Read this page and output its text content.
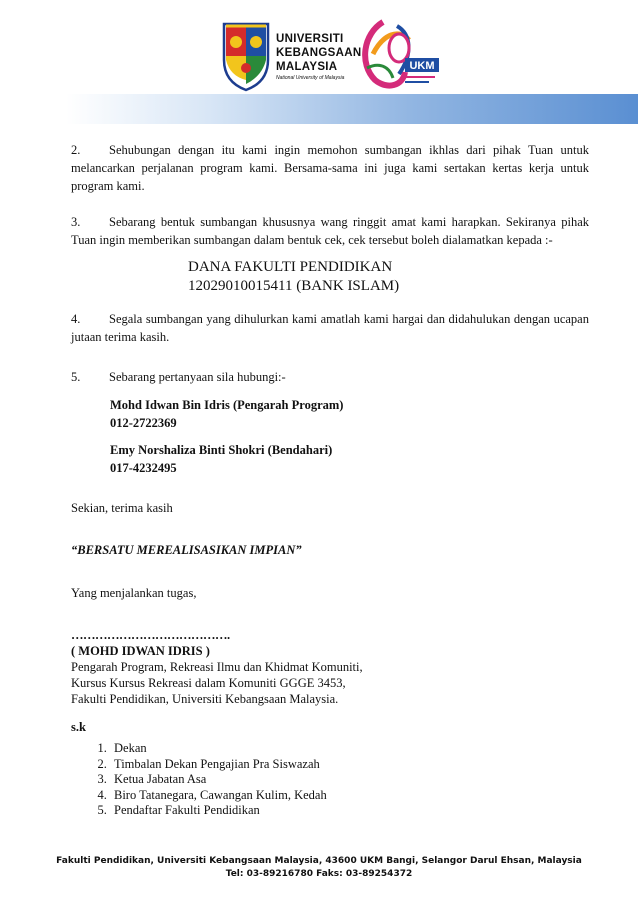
UNIVERSITI
KEBANGSAAN
MALAYSIA
National University of Malaysia
UKM
2. Sehubungan dengan itu kami ingin memohon sumbangan ikhlas dari pihak Tuan untuk melancarkan perjalanan program kami. Bersama-sama ini juga kami sertakan kertas kerja untuk program kami.
3. Sebarang bentuk sumbangan khususnya wang ringgit amat kami harapkan. Sekiranya pihak Tuan ingin memberikan sumbangan dalam bentuk cek, cek tersebut boleh dialamatkan kepada :-
DANA FAKULTI PENDIDIKAN
12029010015411 (BANK ISLAM)
4. Segala sumbangan yang dihulurkan kami amatlah kami hargai dan didahulukan dengan ucapan jutaan terima kasih.
5. Sebarang pertanyaan sila hubungi:-
Mohd Idwan Bin Idris (Pengarah Program)
012-2722369
Emy Norshaliza Binti Shokri (Bendahari)
017-4232495
Sekian, terima kasih
“BERSATU MEREALISASIKAN IMPIAN”
Yang menjalankan tugas,
………………………………….
( MOHD IDWAN IDRIS )
Pengarah Program, Rekreasi Ilmu dan Khidmat Komuniti,
Kursus Kursus Rekreasi dalam Komuniti GGGE 3453,
Fakulti Pendidikan, Universiti Kebangsaan Malaysia.
s.k
1. Dekan
2. Timbalan Dekan Pengajian Pra Siswazah
3. Ketua Jabatan Asa
4. Biro Tatanegara, Cawangan Kulim, Kedah
5. Pendaftar Fakulti Pendidikan
Fakulti Pendidikan, Universiti Kebangsaan Malaysia, 43600 UKM Bangi, Selangor Darul Ehsan, Malaysia
Tel: 03-89216780 Faks: 03-89254372
